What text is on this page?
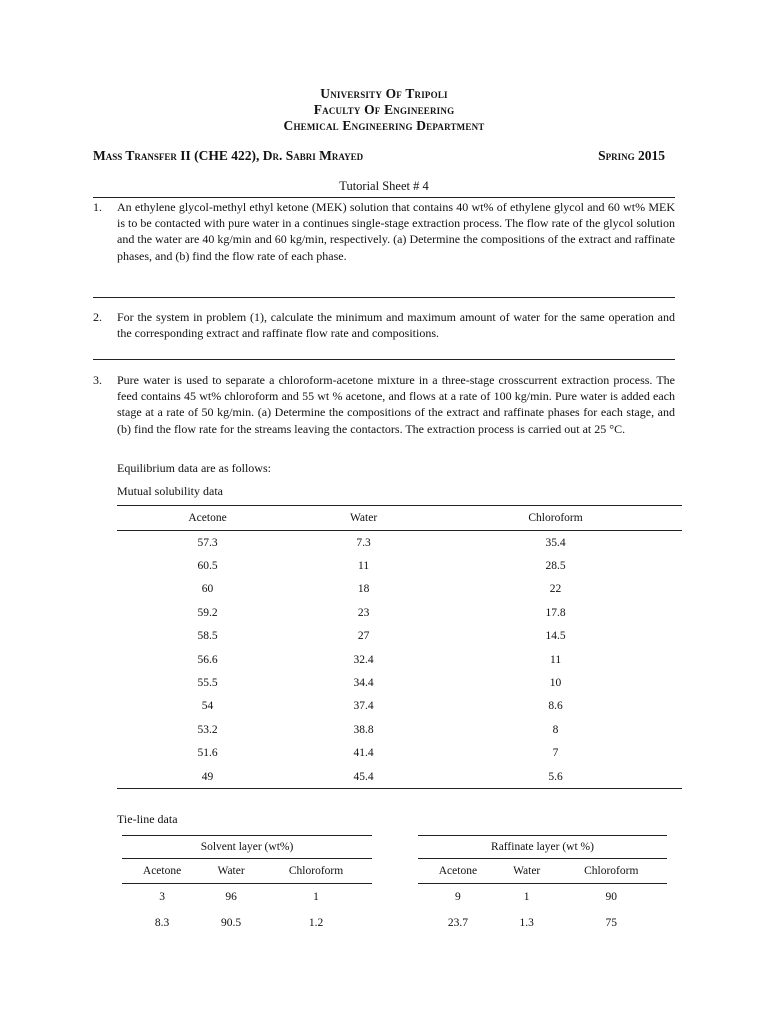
University Of Tripoli
Faculty Of Engineering
Chemical Engineering Department
Mass Transfer II (CHE 422), Dr. Sabri Mrayed	Spring 2015
Tutorial Sheet # 4
1. An ethylene glycol-methyl ethyl ketone (MEK) solution that contains 40 wt% of ethylene glycol and 60 wt% MEK is to be contacted with pure water in a continues single-stage extraction process. The flow rate of the glycol solution and the water are 40 kg/min and 60 kg/min, respectively. (a) Determine the compositions of the extract and raffinate phases, and (b) find the flow rate of each phase.
2. For the system in problem (1), calculate the minimum and maximum amount of water for the same operation and the corresponding extract and raffinate flow rate and compositions.
3. Pure water is used to separate a chloroform-acetone mixture in a three-stage crosscurrent extraction process. The feed contains 45 wt% chloroform and 55 wt % acetone, and flows at a rate of 100 kg/min. Pure water is added each stage at a rate of 50 kg/min. (a) Determine the compositions of the extract and raffinate phases for each stage, and (b) find the flow rate for the streams leaving the contactors. The extraction process is carried out at 25 °C.
Equilibrium data are as follows:
Mutual solubility data
Acetone	Water	Chloroform
57.3	7.3	35.4
60.5	11	28.5
60	18	22
59.2	23	17.8
58.5	27	14.5
56.6	32.4	11
55.5	34.4	10
54	37.4	8.6
53.2	38.8	8
51.6	41.4	7
49	45.4	5.6
Tie-line data
Solvent layer (wt%)
Acetone	Water	Chloroform
3	96	1
8.3	90.5	1.2
Raffinate layer (wt %)
Acetone	Water	Chloroform
9	1	90
23.7	1.3	75
